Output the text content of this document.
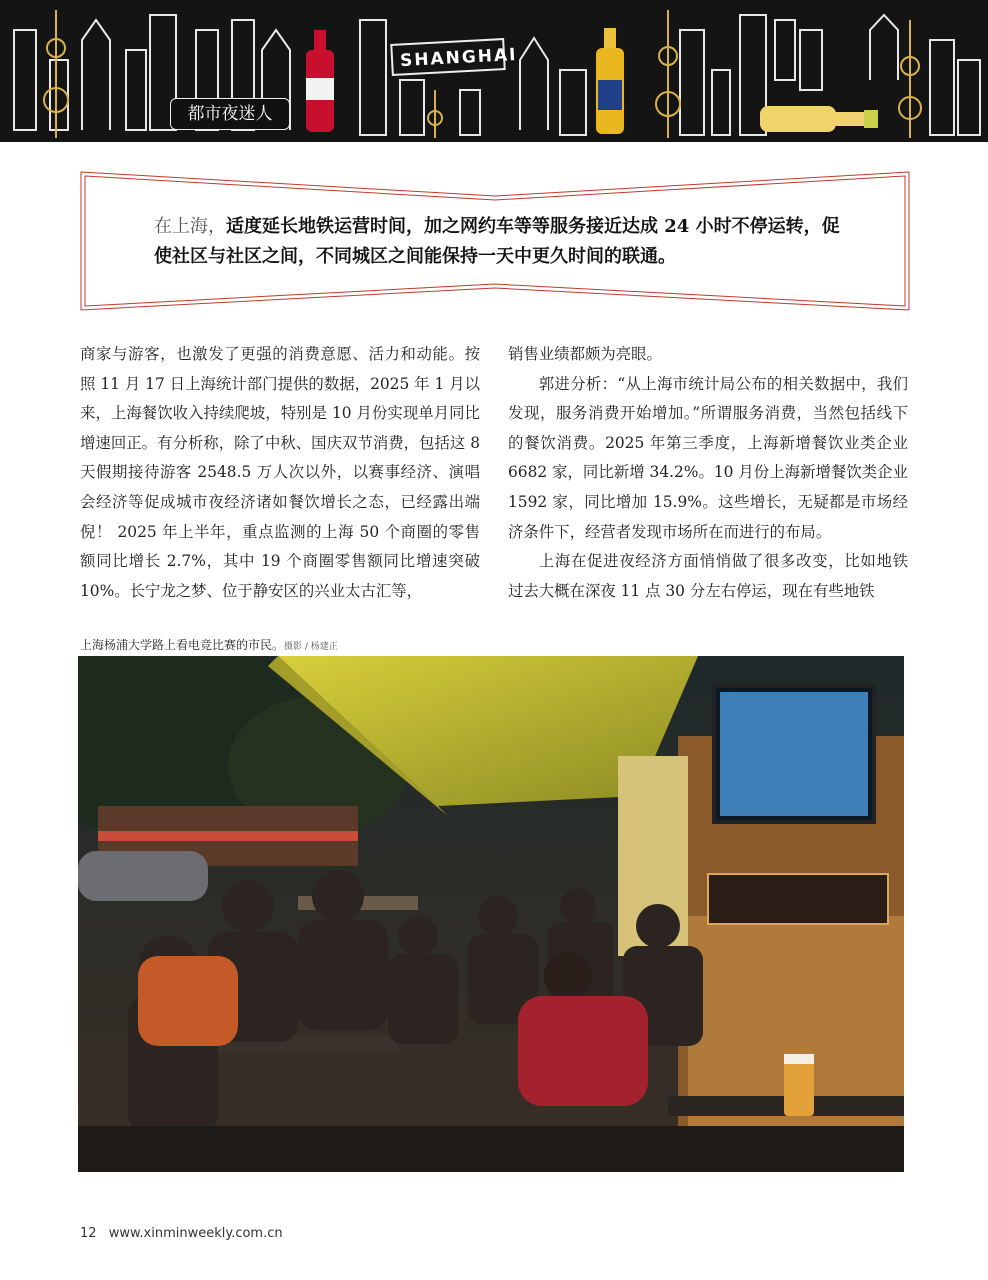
SHANGHAI
都市夜迷人
在上海，适度延长地铁运营时间，加之网约车等等服务接近达成 24 小时不停运转，促使社区与社区之间，不同城区之间能保持一天中更久时间的联通。

商家与游客，也激发了更强的消费意愿、活力和动能。按照 11 月 17 日上海统计部门提供的数据，2025 年 1 月以来，上海餐饮收入持续爬坡，特别是 10 月份实现单月同比增速回正。有分析称，除了中秋、国庆双节消费，包括这 8 天假期接待游客 2548.5 万人次以外，以赛事经济、演唱会经济等促成城市夜经济诸如餐饮增长之态，已经露出端倪！ 2025 年上半年，重点监测的上海 50 个商圈的零售额同比增长 2.7%，其中 19 个商圈零售额同比增速突破 10%。长宁龙之梦、位于静安区的兴业太古汇等，

销售业绩都颇为亮眼。

郭进分析：“从上海市统计局公布的相关数据中，我们发现，服务消费开始增加。”所谓服务消费，当然包括线下的餐饮消费。2025 年第三季度，上海新增餐饮业类企业 6682 家，同比新增 34.2%。10 月份上海新增餐饮类企业 1592 家，同比增加 15.9%。这些增长，无疑都是市场经济条件下，经营者发现市场所在而进行的布局。

上海在促进夜经济方面悄悄做了很多改变，比如地铁过去大概在深夜 11 点 30 分左右停运，现在有些地铁

上海杨浦大学路上看电竞比赛的市民。摄影 / 杨建正
12 www.xinminweekly.com.cn
